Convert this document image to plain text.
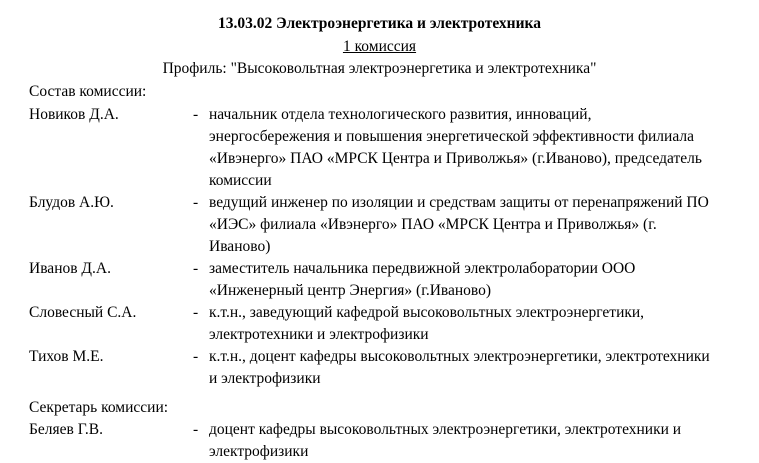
13.03.02 Электроэнергетика и электротехника
1 комиссия
Профиль: "Высоковольтная электроэнергетика и электротехника"
Состав комиссии:
Новиков Д.А.	- начальник отдела технологического развития, инноваций,
энергосбережения и повышения энергетической эффективности филиала
«Ивэнерго» ПАО «МРСК Центра и Приволжья» (г.Иваново), председатель
комиссии
Блудов А.Ю.	- ведущий инженер по изоляции и средствам защиты от перенапряжений ПО
«ИЭС» филиала «Ивэнерго» ПАО «МРСК Центра и Приволжья» (г.
Иваново)
Иванов Д.А.	- заместитель начальника передвижной электролаборатории ООО
«Инженерный центр Энергия» (г.Иваново)
Словесный С.А.	- к.т.н., заведующий кафедрой высоковольтных электроэнергетики,
электротехники и электрофизики
Тихов М.Е.	- к.т.н., доцент кафедры высоковольтных электроэнергетики, электротехники
и электрофизики
Секретарь комиссии:
Беляев Г.В.	- доцент кафедры высоковольтных электроэнергетики, электротехники и
электрофизики
